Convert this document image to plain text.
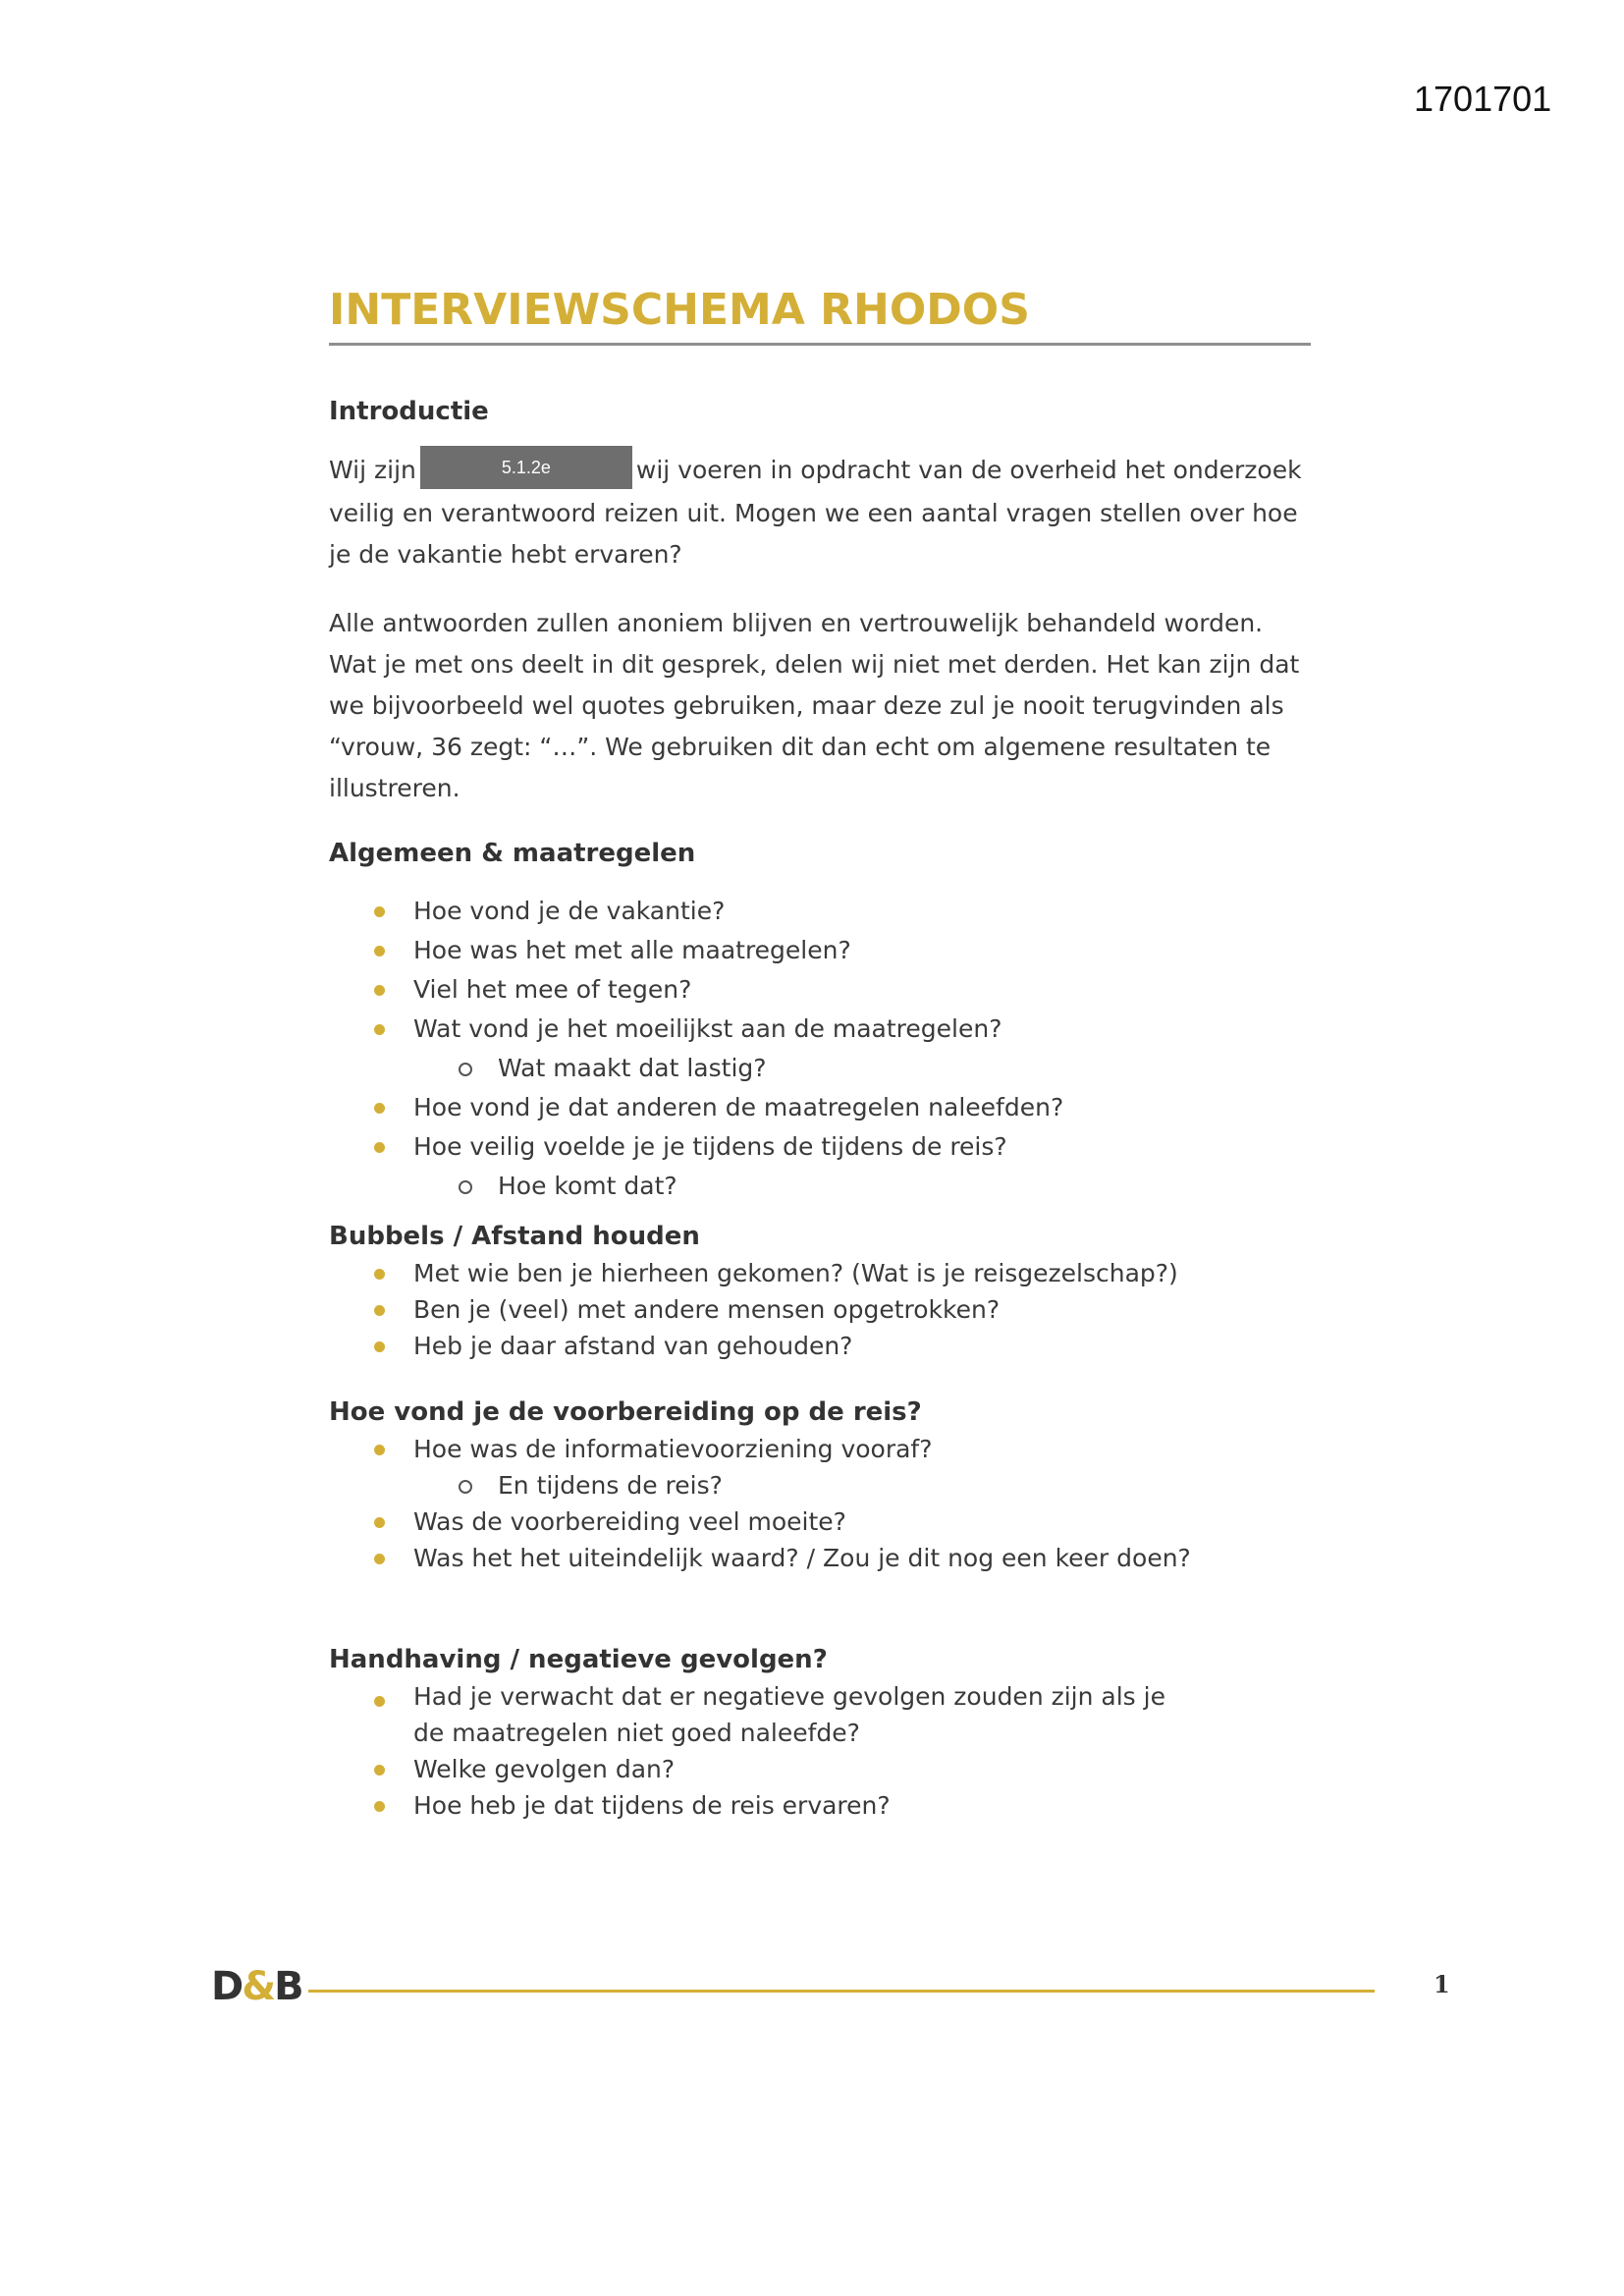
1701701
INTERVIEWSCHEMA RHODOS
Introductie

Wij zijn	5.1.2e	wij voeren in opdracht van de overheid het onderzoek veilig en verantwoord reizen uit. Mogen we een aantal vragen stellen over hoe je de vakantie hebt ervaren?

Alle antwoorden zullen anoniem blijven en vertrouwelijk behandeld worden. Wat je met ons deelt in dit gesprek, delen wij niet met derden. Het kan zijn dat we bijvoorbeeld wel quotes gebruiken, maar deze zul je nooit terugvinden als “vrouw, 36 zegt: “…”. We gebruiken dit dan echt om algemene resultaten te illustreren.

Algemeen & maatregelen
Hoe vond je de vakantie?
Hoe was het met alle maatregelen?
Viel het mee of tegen?
Wat vond je het moeilijkst aan de maatregelen?
Wat maakt dat lastig?
Hoe vond je dat anderen de maatregelen naleefden?
Hoe veilig voelde je je tijdens de tijdens de reis?
Hoe komt dat?
Bubbels / Afstand houden
Met wie ben je hierheen gekomen? (Wat is je reisgezelschap?)
Ben je (veel) met andere mensen opgetrokken?
Heb je daar afstand van gehouden?
Hoe vond je de voorbereiding op de reis?
Hoe was de informatievoorziening vooraf?
En tijdens de reis?
Was de voorbereiding veel moeite?
Was het het uiteindelijk waard? / Zou je dit nog een keer doen?
Handhaving / negatieve gevolgen?
Had je verwacht dat er negatieve gevolgen zouden zijn als je de maatregelen niet goed naleefde?
Welke gevolgen dan?
Hoe heb je dat tijdens de reis ervaren?
D&B	1
